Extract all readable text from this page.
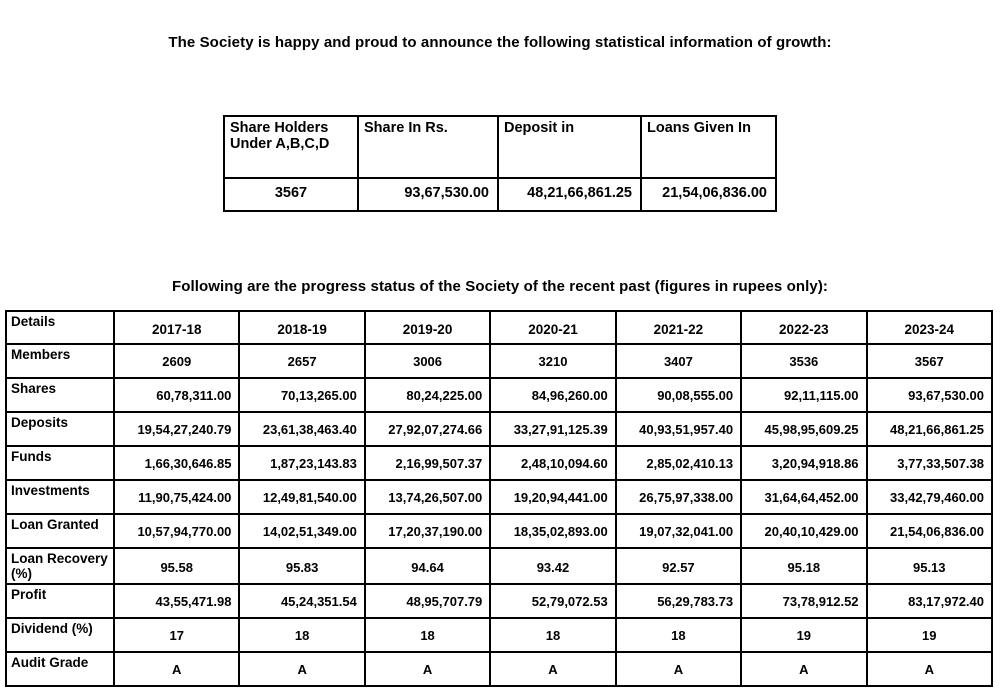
The Society is happy and proud to announce the following statistical information of growth:

Share Holders Under A,B,C,D	Share In Rs.	Deposit in	Loans Given In
3567	93,67,530.00	48,21,66,861.25	21,54,06,836.00

Following are the progress status of the Society of the recent past (figures in rupees only):

Details	2017-18	2018-19	2019-20	2020-21	2021-22	2022-23	2023-24
Members	2609	2657	3006	3210	3407	3536	3567
Shares	60,78,311.00	70,13,265.00	80,24,225.00	84,96,260.00	90,08,555.00	92,11,115.00	93,67,530.00
Deposits	19,54,27,240.79	23,61,38,463.40	27,92,07,274.66	33,27,91,125.39	40,93,51,957.40	45,98,95,609.25	48,21,66,861.25
Funds	1,66,30,646.85	1,87,23,143.83	2,16,99,507.37	2,48,10,094.60	2,85,02,410.13	3,20,94,918.86	3,77,33,507.38
Investments	11,90,75,424.00	12,49,81,540.00	13,74,26,507.00	19,20,94,441.00	26,75,97,338.00	31,64,64,452.00	33,42,79,460.00
Loan Granted	10,57,94,770.00	14,02,51,349.00	17,20,37,190.00	18,35,02,893.00	19,07,32,041.00	20,40,10,429.00	21,54,06,836.00
Loan Recovery (%)	95.58	95.83	94.64	93.42	92.57	95.18	95.13
Profit	43,55,471.98	45,24,351.54	48,95,707.79	52,79,072.53	56,29,783.73	73,78,912.52	83,17,972.40
Dividend (%)	17	18	18	18	18	19	19
Audit Grade	A	A	A	A	A	A	A
